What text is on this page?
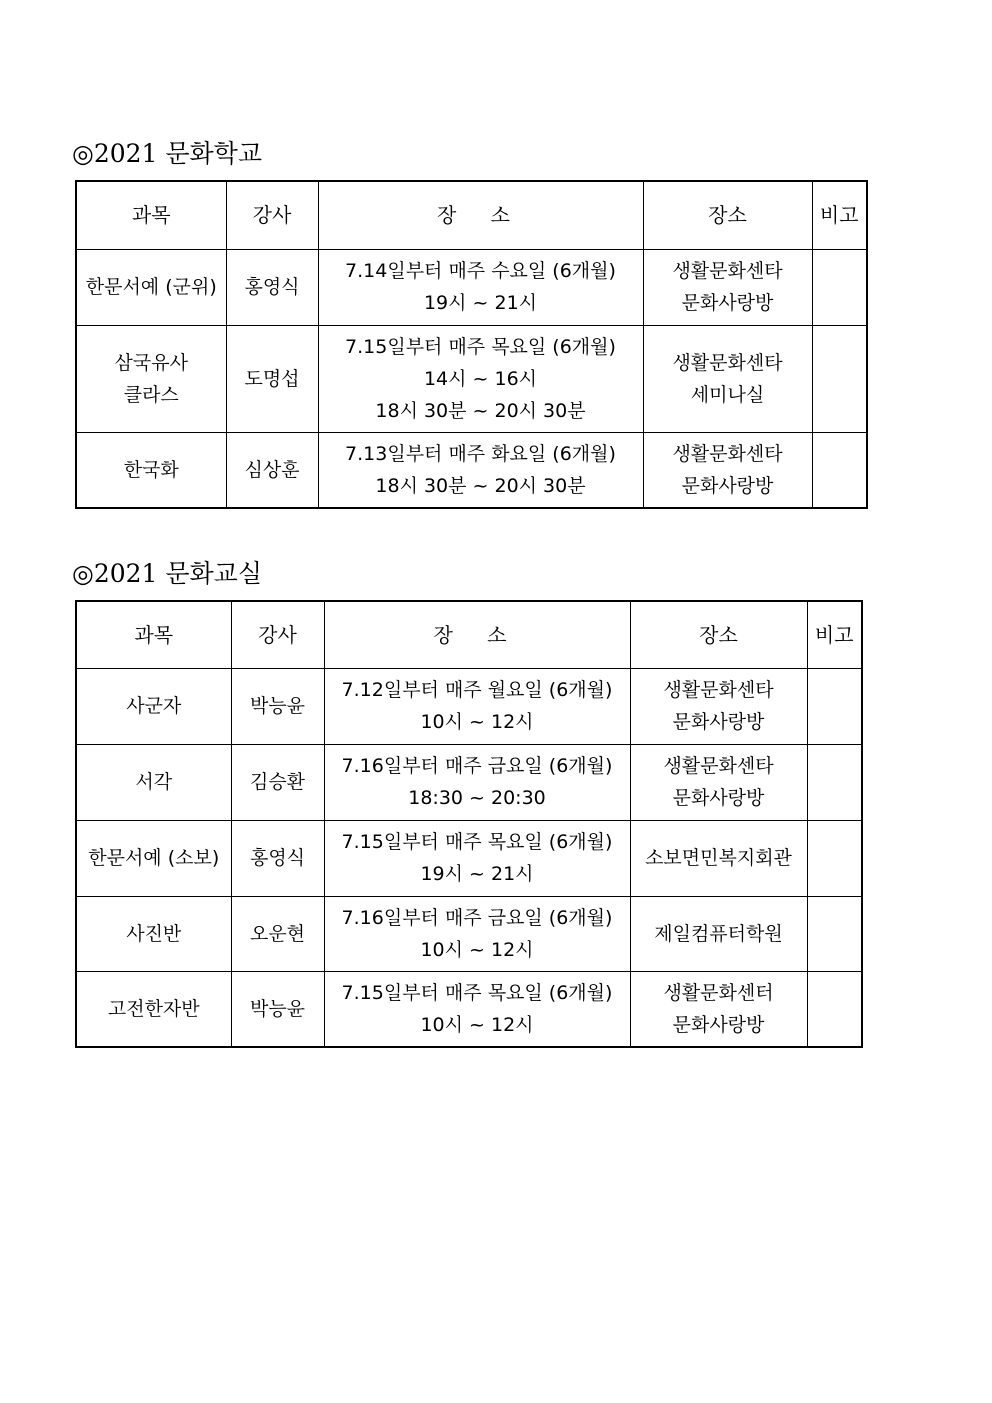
◎2021 문화학교
과목	강사	장 소	장소	비고

한문서예 (군위)	홍영식	7.14일부터 매주 수요일 (6개월)
19시 ~ 21시	생활문화센타
문화사랑방	

삼국유사
클라스	도명섭	7.15일부터 매주 목요일 (6개월)
14시 ~ 16시
18시 30분 ~ 20시 30분	생활문화센타
세미나실	

한국화	심상훈	7.13일부터 매주 화요일 (6개월)
18시 30분 ~ 20시 30분	생활문화센타
문화사랑방	

◎2021 문화교실
과목	강사	장 소	장소	비고

사군자	박능윤	7.12일부터 매주 월요일 (6개월)
10시 ~ 12시	생활문화센타
문화사랑방	

서각	김승환	7.16일부터 매주 금요일 (6개월)
18:30 ~ 20:30	생활문화센타
문화사랑방	

한문서예 (소보)	홍영식	7.15일부터 매주 목요일 (6개월)
19시 ~ 21시	소보면민복지회관	

사진반	오운현	7.16일부터 매주 금요일 (6개월)
10시 ~ 12시	제일컴퓨터학원	

고전한자반	박능윤	7.15일부터 매주 목요일 (6개월)
10시 ~ 12시	생활문화센터
문화사랑방	
